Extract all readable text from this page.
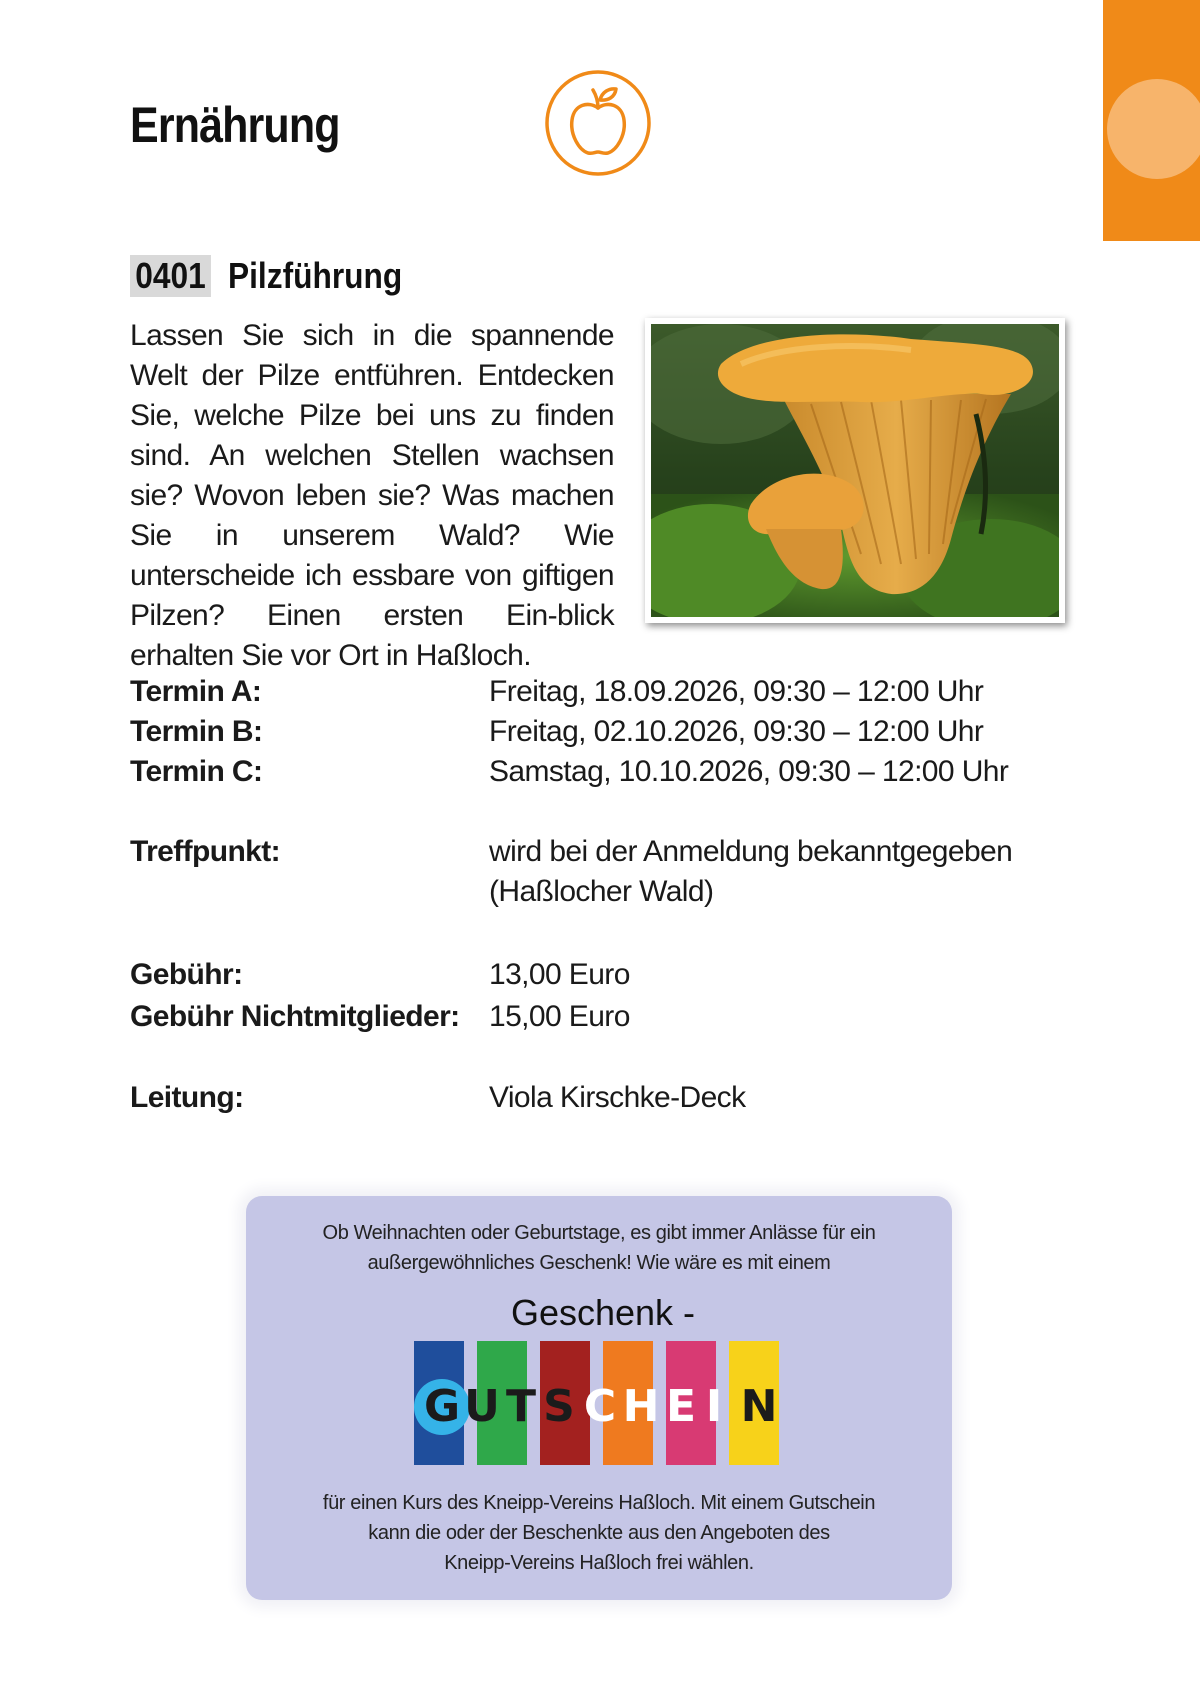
Ernährung
0401 Pilzführung
Lassen Sie sich in die spannende Welt der Pilze entführen. Entdecken Sie, welche Pilze bei uns zu finden sind. An welchen Stellen wachsen sie? Wovon leben sie? Was machen Sie in unserem Wald? Wie unterscheide ich essbare von giftigen Pilzen? Einen ersten Ein-blick erhalten Sie vor Ort in Haßloch.
Termin A:	Freitag, 18.09.2026, 09:30 – 12:00 Uhr
Termin B:	Freitag, 02.10.2026, 09:30 – 12:00 Uhr
Termin C:	Samstag, 10.10.2026, 09:30 – 12:00 Uhr
Treffpunkt:	wird bei der Anmeldung bekanntgegeben
(Haßlocher Wald)
Gebühr:	13,00 Euro
Gebühr Nichtmitglieder: 15,00 Euro
Leitung:	Viola Kirschke-Deck
Ob Weihnachten oder Geburtstage, es gibt immer Anlässe für ein
außergewöhnliches Geschenk! Wie wäre es mit einem
Geschenk -
G U T S C H E I N
für einen Kurs des Kneipp-Vereins Haßloch. Mit einem Gutschein
kann die oder der Beschenkte aus den Angeboten des
Kneipp-Vereins Haßloch frei wählen.
